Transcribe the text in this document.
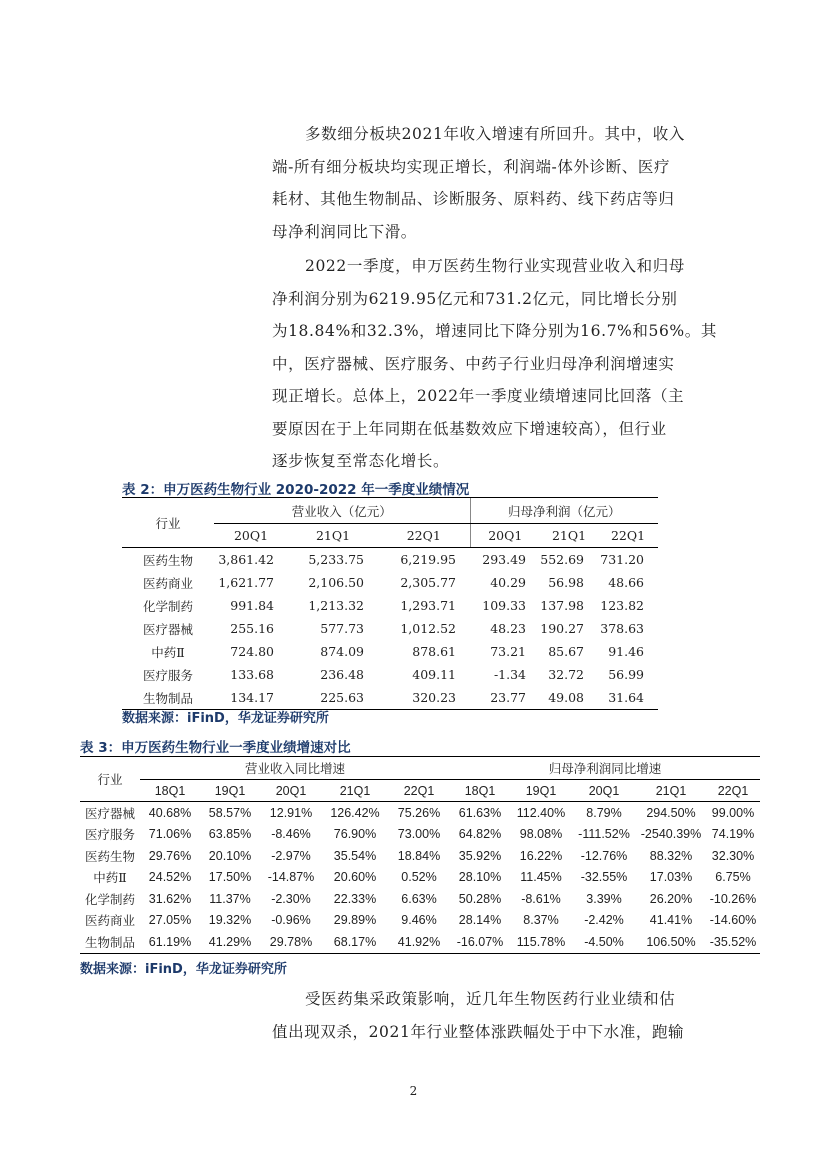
多数细分板块2021年收入增速有所回升。其中，收入
端-所有细分板块均实现正增长，利润端-体外诊断、医疗
耗材、其他生物制品、诊断服务、原料药、线下药店等归
母净利润同比下滑。
2022一季度，申万医药生物行业实现营业收入和归母
净利润分别为6219.95亿元和731.2亿元，同比增长分别
为18.84%和32.3%，增速同比下降分别为16.7%和56%。其
中，医疗器械、医疗服务、中药子行业归母净利润增速实
现正增长。总体上，2022年一季度业绩增速同比回落（主
要原因在于上年同期在低基数效应下增速较高），但行业
逐步恢复至常态化增长。
表 2：申万医药生物行业 2020-2022 年一季度业绩情况
行业	营业收入（亿元）			归母净利润（亿元）		
	20Q1	21Q1	22Q1	20Q1	21Q1	22Q1
医药生物	3,861.42	5,233.75	6,219.95	293.49	552.69	731.20
医药商业	1,621.77	2,106.50	2,305.77	40.29	56.98	48.66
化学制药	991.84	1,213.32	1,293.71	109.33	137.98	123.82
医疗器械	255.16	577.73	1,012.52	48.23	190.27	378.63
中药Ⅱ	724.80	874.09	878.61	73.21	85.67	91.46
医疗服务	133.68	236.48	409.11	-1.34	32.72	56.99
生物制品	134.17	225.63	320.23	23.77	49.08	31.64
数据来源：iFinD，华龙证券研究所
表 3：申万医药生物行业一季度业绩增速对比
行业	营业收入同比增速					归母净利润同比增速				
	18Q1	19Q1	20Q1	21Q1	22Q1	18Q1	19Q1	20Q1	21Q1	22Q1
医疗器械	40.68%	58.57%	12.91%	126.42%	75.26%	61.63%	112.40%	8.79%	294.50%	99.00%
医疗服务	71.06%	63.85%	-8.46%	76.90%	73.00%	64.82%	98.08%	-111.52%	-2540.39%	74.19%
医药生物	29.76%	20.10%	-2.97%	35.54%	18.84%	35.92%	16.22%	-12.76%	88.32%	32.30%
中药Ⅱ	24.52%	17.50%	-14.87%	20.60%	0.52%	28.10%	11.45%	-32.55%	17.03%	6.75%
化学制药	31.62%	11.37%	-2.30%	22.33%	6.63%	50.28%	-8.61%	3.39%	26.20%	-10.26%
医药商业	27.05%	19.32%	-0.96%	29.89%	9.46%	28.14%	8.37%	-2.42%	41.41%	-14.60%
生物制品	61.19%	41.29%	29.78%	68.17%	41.92%	-16.07%	115.78%	-4.50%	106.50%	-35.52%
数据来源：iFinD，华龙证券研究所
受医药集采政策影响，近几年生物医药行业业绩和估
值出现双杀，2021年行业整体涨跌幅处于中下水准，跑输
2
